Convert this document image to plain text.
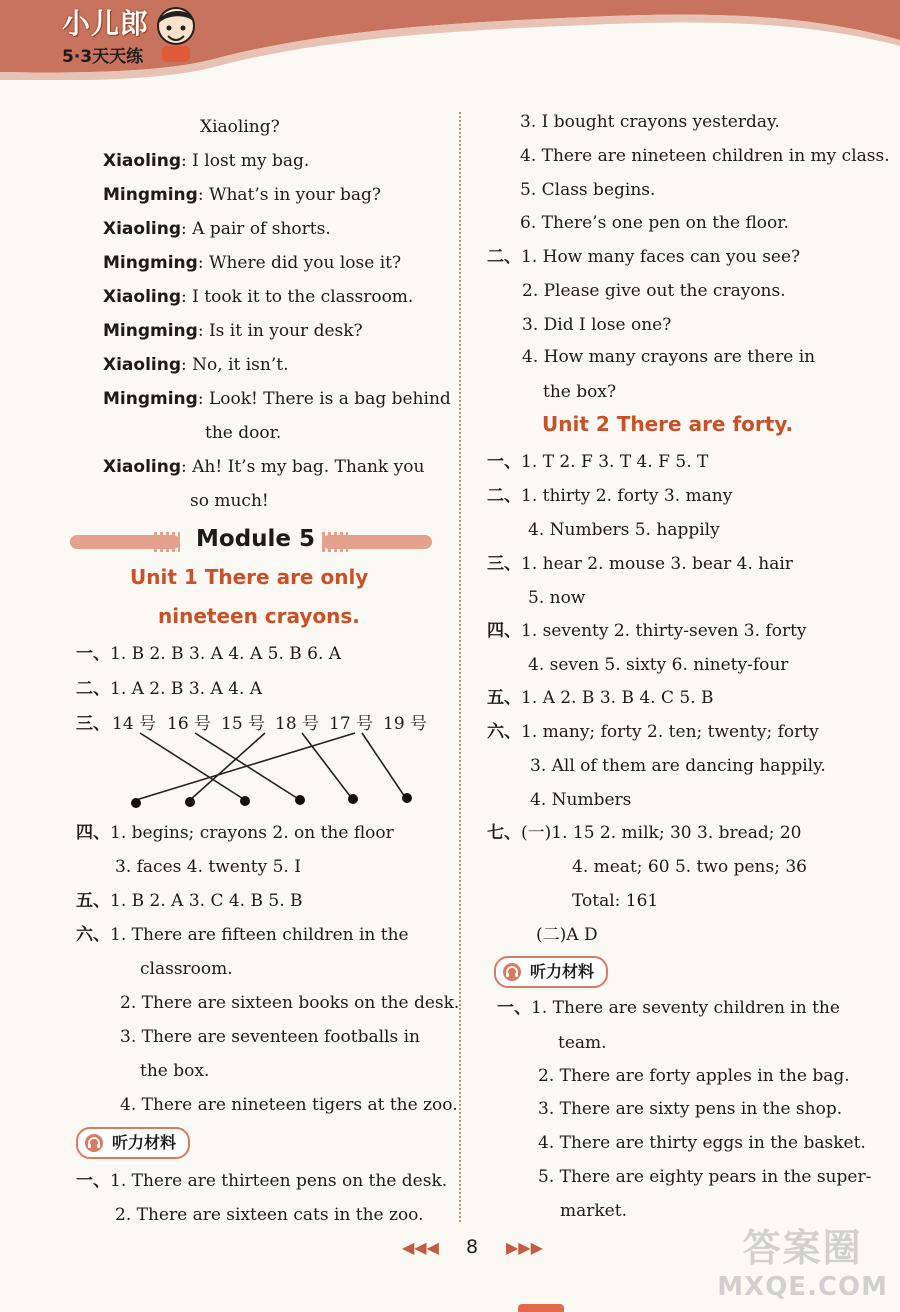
小儿郎
5·3天天练
Xiaoling?
Xiaoling: I lost my bag.
Mingming: What’s in your bag?
Xiaoling: A pair of shorts.
Mingming: Where did you lose it?
Xiaoling: I took it to the classroom.
Mingming: Is it in your desk?
Xiaoling: No, it isn’t.
Mingming: Look! There is a bag behind
the door.
Xiaoling: Ah! It’s my bag. Thank you
so much!
Module 5
Unit 1 There are only
nineteen crayons.
一、1. B 2. B 3. A 4. A 5. B 6. A
二、1. A 2. B 3. A 4. A
三、 14 号 16 号 15 号 18 号 17 号 19 号
四、1. begins; crayons 2. on the floor
3. faces 4. twenty 5. I
五、1. B 2. A 3. C 4. B 5. B
六、1. There are fifteen children in the
classroom.
2. There are sixteen books on the desk.
3. There are seventeen footballs in
the box.
4. There are nineteen tigers at the zoo.
听力材料
一、1. There are thirteen pens on the desk.
2. There are sixteen cats in the zoo.
3. I bought crayons yesterday.
4. There are nineteen children in my class.
5. Class begins.
6. There’s one pen on the floor.
二、1. How many faces can you see?
2. Please give out the crayons.
3. Did I lose one?
4. How many crayons are there in
the box?
Unit 2 There are forty.
一、1. T 2. F 3. T 4. F 5. T
二、1. thirty 2. forty 3. many
4. Numbers 5. happily
三、1. hear 2. mouse 3. bear 4. hair
5. now
四、1. seventy 2. thirty-seven 3. forty
4. seven 5. sixty 6. ninety-four
五、1. A 2. B 3. B 4. C 5. B
六、1. many; forty 2. ten; twenty; forty
3. All of them are dancing happily.
4. Numbers
七、(一)1. 15 2. milk; 30 3. bread; 20
4. meat; 60 5. two pens; 36
Total: 161
(二)A D
听力材料
一、1. There are seventy children in the
team.
2. There are forty apples in the bag.
3. There are sixty pens in the shop.
4. There are thirty eggs in the basket.
5. There are eighty pears in the super-
market.
◀◀◀ 8 ▶▶▶	答案圈
MXQE.COM
